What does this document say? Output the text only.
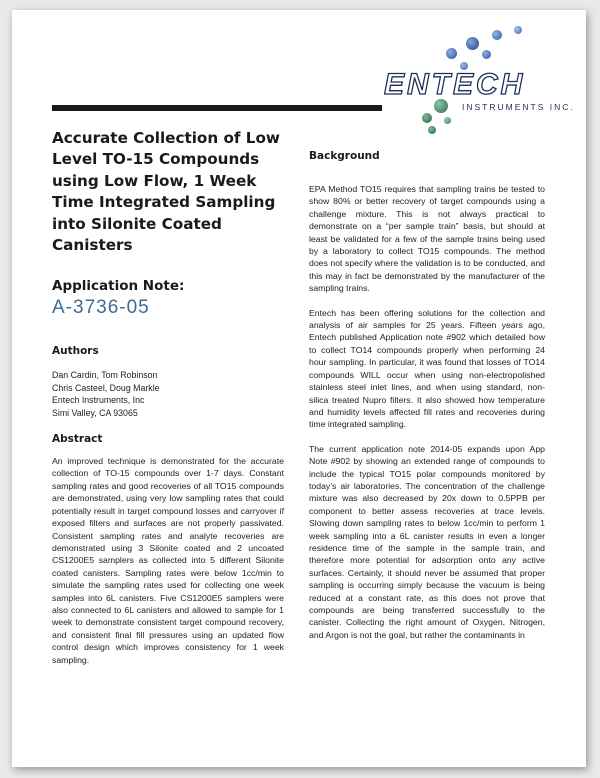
ENTECH
INSTRUMENTS INC.
Accurate Collection of Low Level TO-15 Compounds using Low Flow, 1 Week Time Integrated Sampling into Silonite Coated Canisters
Application Note:
A-3736-05
Authors
Dan Cardin, Tom Robinson
Chris Casteel, Doug Markle
Entech Instruments, Inc
Simi Valley, CA 93065
Abstract

An improved technique is demonstrated for the accurate collection of TO-15 compounds over 1-7 days. Constant sampling rates and good recoveries of all TO15 compounds are demonstrated, using very low sampling rates that could potentially result in target compound losses and carryover if exposed filters and surfaces are not properly passivated. Consistent sampling rates and analyte recoveries are demonstrated using 3 Silonite coated and 2 uncoated CS1200E5 samplers as collected into 5 different Silonite coated canisters. Sampling rates were below 1cc/min to simulate the sampling rates used for collecting one week samples into 6L canisters. Five CS1200E5 samplers were also connected to 6L canisters and allowed to sample for 1 week to demonstrate consistent target compound recovery, and consistent final fill pressures using an updated flow control design which improves consistency for 1 week sampling.

Background

EPA Method TO15 requires that sampling trains be tested to show 80% or better recovery of target compounds using a challenge mixture. This is not always practical to demonstrate on a “per sample train” basis, but should at least be validated for a few of the sample trains being used by a laboratory to collect TO15 compounds. The method does not specify where the validation is to be conducted, and this may in fact be demonstrated by the manufacturer of the sampling trains.

Entech has been offering solutions for the collection and analysis of air samples for 25 years. Fifteen years ago, Entech published Application note #902 which detailed how to collect TO14 compounds properly when performing 24 hour sampling. In particular, it was found that losses of TO14 compounds WILL occur when using non-electropolished stainless steel inlet lines, and when using standard, non-silica treated Nupro filters. It also showed how temperature and humidity levels affected fill rates and recoveries during time integrated sampling.

The current application note 2014-05 expands upon App Note #902 by showing an extended range of compounds to include the typical TO15 polar compounds monitored by today’s air laboratories. The concentration of the challenge mixture was also decreased by 20x down to 0.5PPB per component to better assess recoveries at trace levels. Slowing down sampling rates to below 1cc/min to perform 1 week sampling into a 6L canister results in even a longer residence time of the sample in the sample train, and therefore more potential for adsorption onto any active surfaces. Certainly, it should never be assumed that proper sampling is occurring simply because the vacuum is being reduced at a constant rate, as this does not prove that compounds are being transferred successfully to the canister. Collecting the right amount of Oxygen, Nitrogen, and Argon is not the goal, but rather the contaminants in
